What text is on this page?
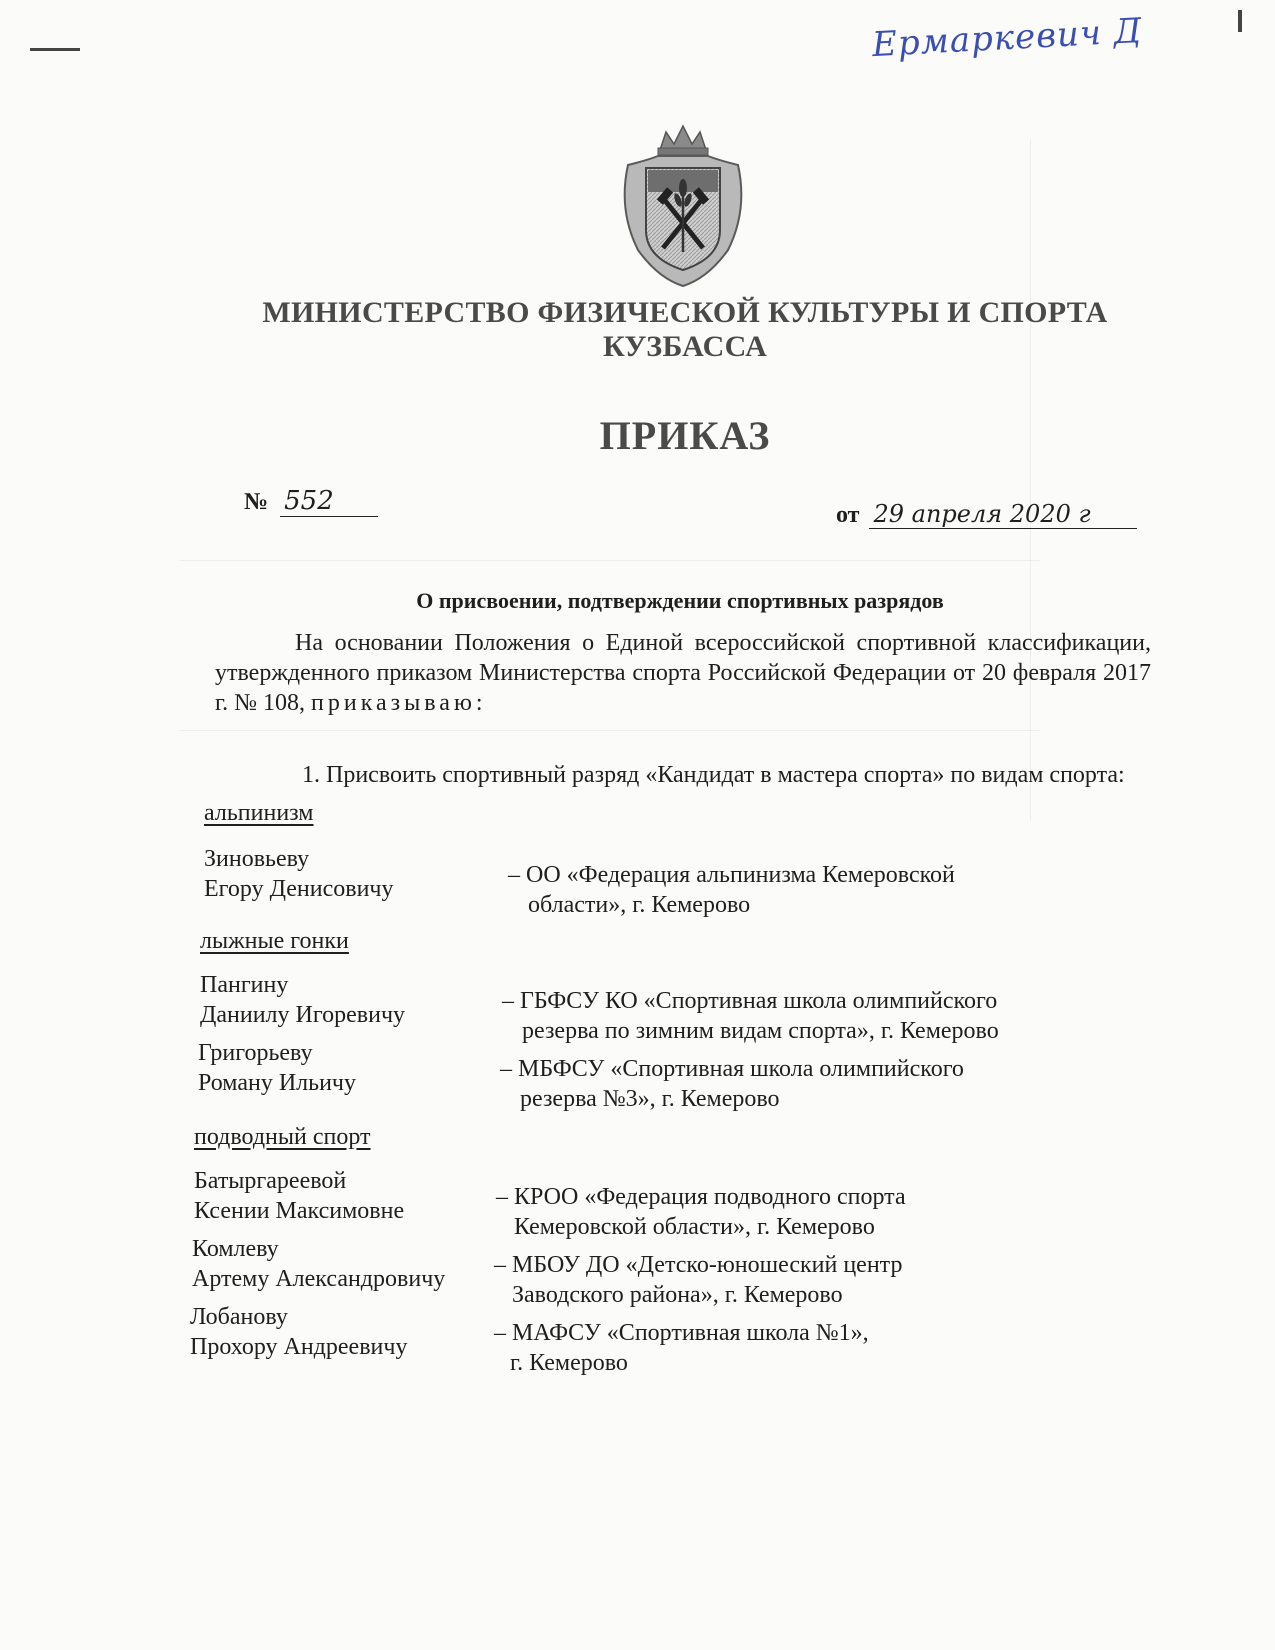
Ермаркевич Д
МИНИСТЕРСТВО ФИЗИЧЕСКОЙ КУЛЬТУРЫ И СПОРТА
КУЗБАССА
ПРИКАЗ
№ 552	от 29 апреля 2020 г
О присвоении, подтверждении спортивных разрядов
На основании Положения о Единой всероссийской спортивной классификации, утвержденного приказом Министерства спорта Российской Федерации от 20 февраля 2017 г. № 108, приказываю:
1. Присвоить спортивный разряд «Кандидат в мастера спорта» по видам спорта:
альпинизм
Зиновьеву
Егору Денисовичу
– ОО «Федерация альпинизма Кемеровской
области», г. Кемерово
лыжные гонки
Пангину
Даниилу Игоревичу
– ГБФСУ КО «Спортивная школа олимпийского
резерва по зимним видам спорта», г. Кемерово
Григорьеву
Роману Ильичу
– МБФСУ «Спортивная школа олимпийского
резерва №3», г. Кемерово
подводный спорт
Батыргареевой
Ксении Максимовне
– КРОО «Федерация подводного спорта
Кемеровской области», г. Кемерово
Комлеву
Артему Александровичу
– МБОУ ДО «Детско-юношеский центр
Заводского района», г. Кемерово
Лобанову
Прохору Андреевичу
– МАФСУ «Спортивная школа №1»,
г. Кемерово
